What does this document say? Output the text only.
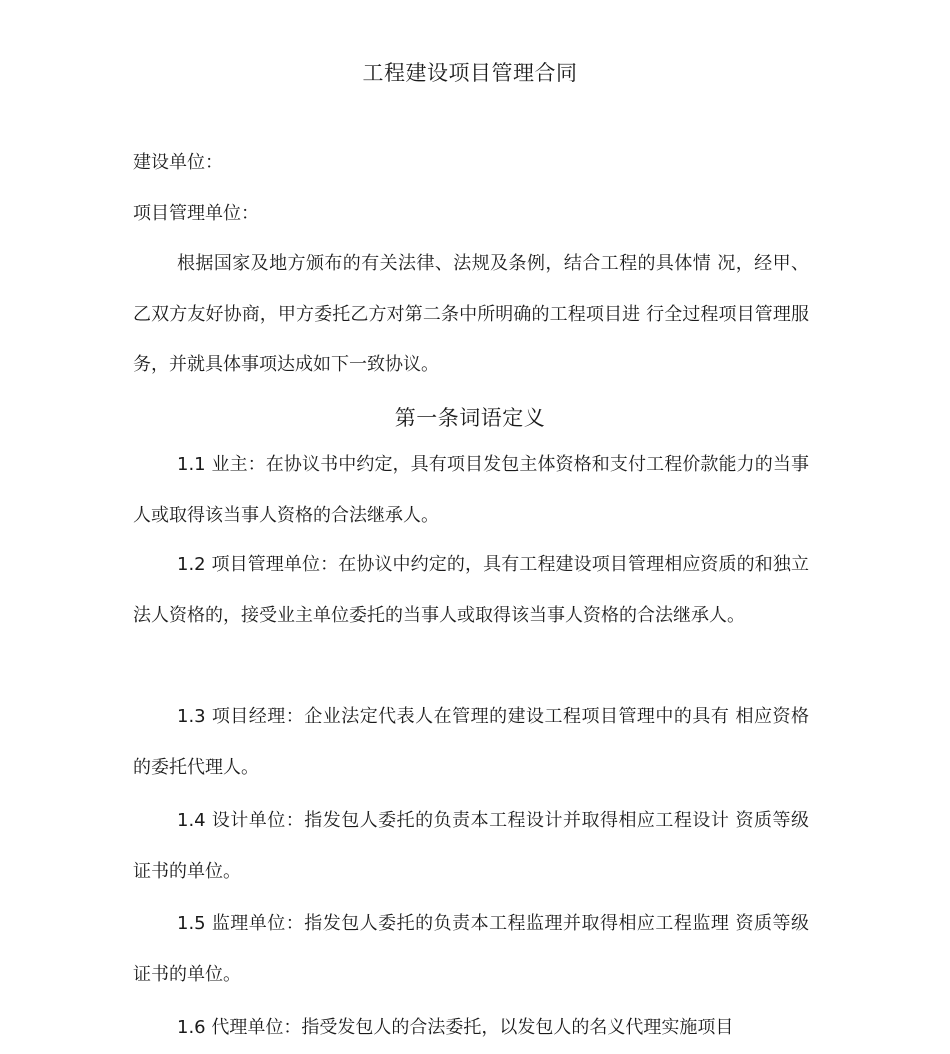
工程建设项目管理合同
建设单位：
项目管理单位：

根据国家及地方颁布的有关法律、法规及条例，结合工程的具体情 况，经甲、乙双方友好协商，甲方委托乙方对第二条中所明确的工程项目进 行全过程项目管理服务，并就具体事项达成如下一致协议。

第一条词语定义

1.1 业主：在协议书中约定，具有项目发包主体资格和支付工程价款能力的当事人或取得该当事人资格的合法继承人。

1.2 项目管理单位：在协议中约定的，具有工程建设项目管理相应资质的和独立法人资格的，接受业主单位委托的当事人或取得该当事人资格的合法继承人。

1.3 项目经理：企业法定代表人在管理的建设工程项目管理中的具有 相应资格的委托代理人。

1.4 设计单位：指发包人委托的负责本工程设计并取得相应工程设计 资质等级证书的单位。

1.5 监理单位：指发包人委托的负责本工程监理并取得相应工程监理 资质等级证书的单位。

1.6 代理单位：指受发包人的合法委托，以发包人的名义代理实施项目
